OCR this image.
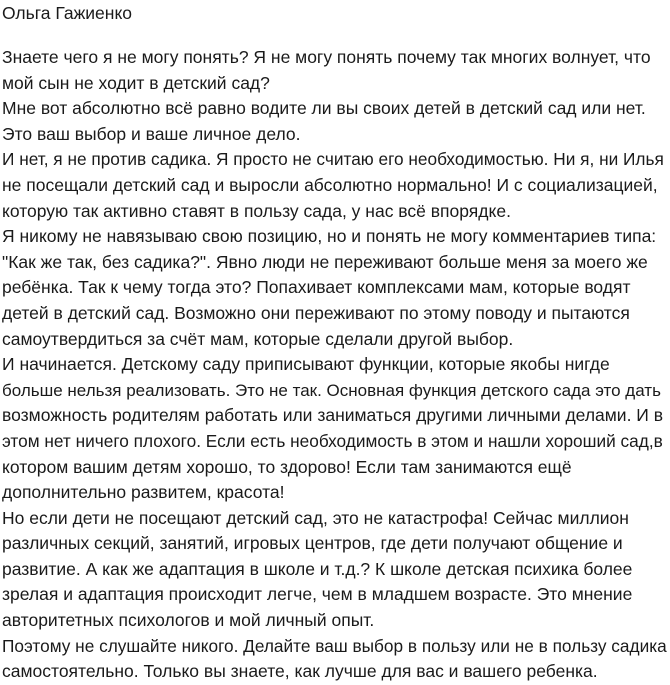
Ольга Гажиенко

Знаете чего я не могу понять? Я не могу понять почему так многих волнует, что
мой сын не ходит в детский сад?
Мне вот абсолютно всё равно водите ли вы своих детей в детский сад или нет.
Это ваш выбор и ваше личное дело.
И нет, я не против садика. Я просто не считаю его необходимостью. Ни я, ни Илья
не посещали детский сад и выросли абсолютно нормально! И с социализацией,
которую так активно ставят в пользу сада, у нас всё впорядке.
Я никому не навязываю свою позицию, но и понять не могу комментариев типа:
"Как же так, без садика?". Явно люди не переживают больше меня за моего же
ребёнка. Так к чему тогда это? Попахивает комплексами мам, которые водят
детей в детский сад. Возможно они переживают по этому поводу и пытаются
самоутвердиться за счёт мам, которые сделали другой выбор.
И начинается. Детскому саду приписывают функции, которые якобы нигде
больше нельзя реализовать. Это не так. Основная функция детского сада это дать
возможность родителям работать или заниматься другими личными делами. И в
этом нет ничего плохого. Если есть необходимость в этом и нашли хороший сад,в
котором вашим детям хорошо, то здорово! Если там занимаются ещё
дополнительно развитем, красота!
Но если дети не посещают детский сад, это не катастрофа! Сейчас миллион
различных секций, занятий, игровых центров, где дети получают общение и
развитие. А как же адаптация в школе и т.д.? К школе детская психика более
зрелая и адаптация происходит легче, чем в младшем возрасте. Это мнение
авторитетных психологов и мой личный опыт.
Поэтому не слушайте никого. Делайте ваш выбор в пользу или не в пользу садика
самостоятельно. Только вы знаете, как лучше для вас и вашего ребенка.
